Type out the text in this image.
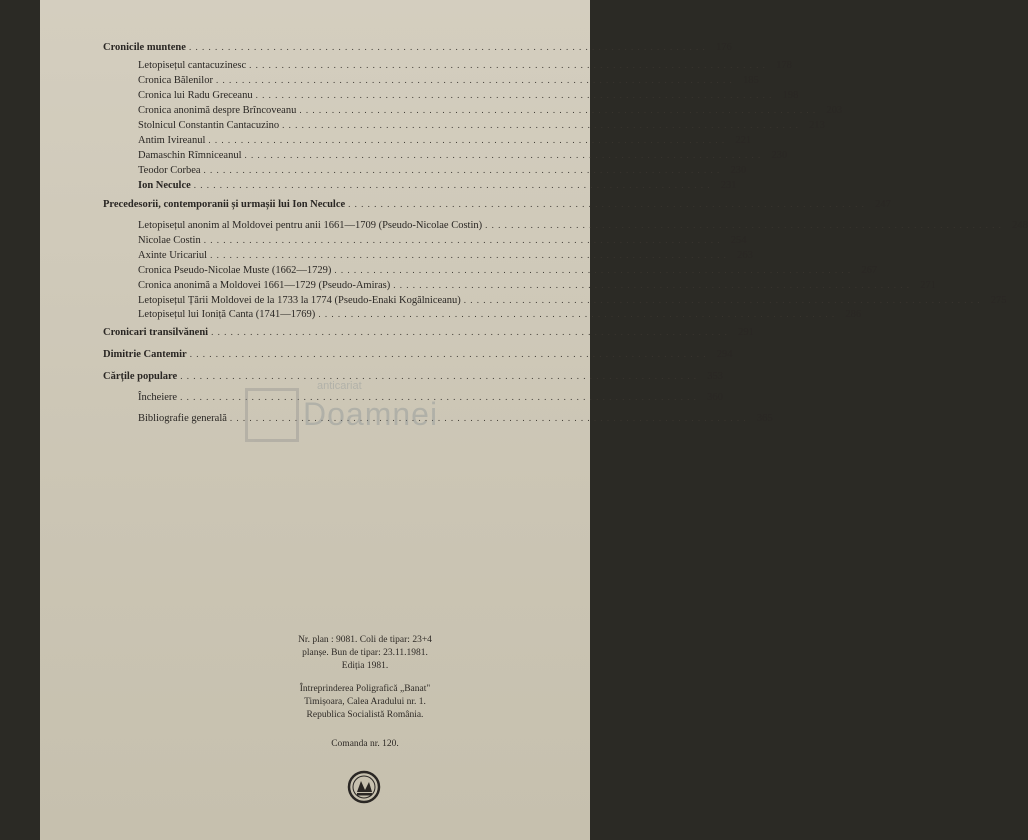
Cronicile muntene . . . . . . . . . . . . . . . . . . . . . . . . . . . . . . . . . . . . . . . . . . . . . . . . . . . . . . . . . . . . . . . . . . . . . . . . . . . . . . . . 176
Letopisețul cantacuzinesc . . . . . . . . . . . . . . . . . . . . . . . . . . . . . . . . . . . . . . . . . . . . . . . . . . . . . . . . . . . . . . . . . . . . . . . . . . . . . . . . 178
Cronica Bălenilor . . . . . . . . . . . . . . . . . . . . . . . . . . . . . . . . . . . . . . . . . . . . . . . . . . . . . . . . . . . . . . . . . . . . . . . . . . . . . . . . 185
Cronica lui Radu Greceanu . . . . . . . . . . . . . . . . . . . . . . . . . . . . . . . . . . . . . . . . . . . . . . . . . . . . . . . . . . . . . . . . . . . . . . . . . . . . . . . . 198
Cronica anonimă despre Brîncoveanu . . . . . . . . . . . . . . . . . . . . . . . . . . . . . . . . . . . . . . . . . . . . . . . . . . . . . . . . . . . . . . . . . . . . . . . . . . . . . . . . 203
Stolnicul Constantin Cantacuzino . . . . . . . . . . . . . . . . . . . . . . . . . . . . . . . . . . . . . . . . . . . . . . . . . . . . . . . . . . . . . . . . . . . . . . . . . . . . . . . . 213
Antim Ivireanul . . . . . . . . . . . . . . . . . . . . . . . . . . . . . . . . . . . . . . . . . . . . . . . . . . . . . . . . . . . . . . . . . . . . . . . . . . . . . . . . 221
Damaschin Rîmniceanul . . . . . . . . . . . . . . . . . . . . . . . . . . . . . . . . . . . . . . . . . . . . . . . . . . . . . . . . . . . . . . . . . . . . . . . . . . . . . . . . 230
Teodor Corbea . . . . . . . . . . . . . . . . . . . . . . . . . . . . . . . . . . . . . . . . . . . . . . . . . . . . . . . . . . . . . . . . . . . . . . . . . . . . . . . . 230
Ion Neculce . . . . . . . . . . . . . . . . . . . . . . . . . . . . . . . . . . . . . . . . . . . . . . . . . . . . . . . . . . . . . . . . . . . . . . . . . . . . . . . . 231
Precedesorii, contemporanii și urmașii lui Ion Neculce . . . . . . . . . . . . . . . . . . . . . . . . . . . . . . . . . . . . . . . . . . . . . . . . . . . . . . . . . . . . . . . . . . . . . . . . . . . . . . . . 247
Letopisețul anonim al Moldovei pentru anii 1661—1709 (Pseudo-Nicolae Costin) . . . . . . . . . . . . . . . . . . . . . . . . . . . . . . . . . . . . . . . . . . . . . . . . . . . . . . . . . . . . . . . . . . . . . . . . . . . . . . . . 248
Nicolae Costin . . . . . . . . . . . . . . . . . . . . . . . . . . . . . . . . . . . . . . . . . . . . . . . . . . . . . . . . . . . . . . . . . . . . . . . . . . . . . . . . 254
Axinte Uricariul . . . . . . . . . . . . . . . . . . . . . . . . . . . . . . . . . . . . . . . . . . . . . . . . . . . . . . . . . . . . . . . . . . . . . . . . . . . . . . . . 263
Cronica Pseudo-Nicolae Muste (1662—1729) . . . . . . . . . . . . . . . . . . . . . . . . . . . . . . . . . . . . . . . . . . . . . . . . . . . . . . . . . . . . . . . . . . . . . . . . . . . . . . . . 267
Cronica anonimă a Moldovei 1661—1729 (Pseudo-Amiras) . . . . . . . . . . . . . . . . . . . . . . . . . . . . . . . . . . . . . . . . . . . . . . . . . . . . . . . . . . . . . . . . . . . . . . . . . . . . . . . . 271
Letopisețul Țării Moldovei de la 1733 la 1774 (Pseudo-Enaki Kogălniceanu) . . . . . . . . . . . . . . . . . . . . . . . . . . . . . . . . . . . . . . . . . . . . . . . . . . . . . . . . . . . . . . . . . . . . . . . . . . . . . . . . 275
Letopisețul lui Ioniță Canta (1741—1769) . . . . . . . . . . . . . . . . . . . . . . . . . . . . . . . . . . . . . . . . . . . . . . . . . . . . . . . . . . . . . . . . . . . . . . . . . . . . . . . . 286
Cronicari transilvăneni . . . . . . . . . . . . . . . . . . . . . . . . . . . . . . . . . . . . . . . . . . . . . . . . . . . . . . . . . . . . . . . . . . . . . . . . . . . . . . . . 291
Dimitrie Cantemir . . . . . . . . . . . . . . . . . . . . . . . . . . . . . . . . . . . . . . . . . . . . . . . . . . . . . . . . . . . . . . . . . . . . . . . . . . . . . . . . 294
Cărțile populare . . . . . . . . . . . . . . . . . . . . . . . . . . . . . . . . . . . . . . . . . . . . . . . . . . . . . . . . . . . . . . . . . . . . . . . . . . . . . . . . 353
Încheiere . . . . . . . . . . . . . . . . . . . . . . . . . . . . . . . . . . . . . . . . . . . . . . . . . . . . . . . . . . . . . . . . . . . . . . . . . . . . . . . . 360
Bibliografie generală . . . . . . . . . . . . . . . . . . . . . . . . . . . . . . . . . . . . . . . . . . . . . . . . . . . . . . . . . . . . . . . . . . . . . . . . . . . . . . . . 365
anticariat
Doamnei
Nr. plan : 9081. Coli de tipar: 23+4
planșe. Bun de tipar: 23.11.1981.
Ediția 1981.
Întreprinderea Poligrafică „Banat"
Timișoara, Calea Aradului nr. 1.
Republica Socialistă România.
Comanda nr. 120.
